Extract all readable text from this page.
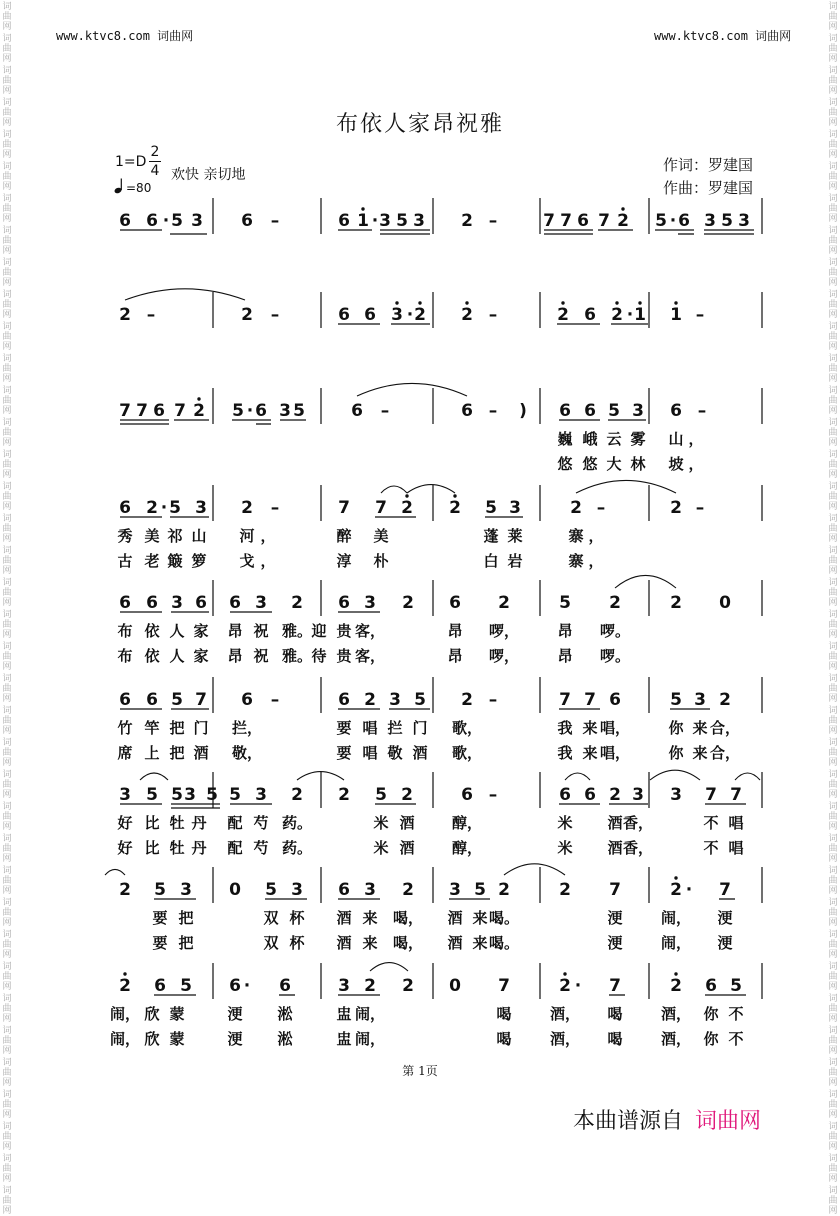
词
曲
网
词
曲
网
词
曲
网
词
曲
网
词
曲
网
词
曲
网
词
曲
网
词
曲
网
词
曲
网
词
曲
网
词
曲
网
词
曲
网
词
曲
网
词
曲
网
词
曲
网
词
曲
网
词
曲
网
词
曲
网
词
曲
网
词
曲
网
词
曲
网
词
曲
网
词
曲
网
词
曲
网
词
曲
网
词
曲
网
词
曲
网
词
曲
网
词
曲
网
词
曲
网
词
曲
网
词
曲
网
词
曲
网
词
曲
网
词
曲
网
词
曲
网
词
曲
网
词
曲
网
词
曲
网
词
曲
网
词
曲
网
词
曲
网
词
曲
网
词
曲
网
词
曲
网
词
曲
网
词
曲
网
词
曲
网
词
曲
网
词
曲
网
词
曲
网
词
曲
网
词
曲
网
词
曲
网
词
曲
网
词
曲
网
词
曲
网
词
曲
网
词
曲
网
词
曲
网
词
曲
网
词
曲
网
词
曲
网
词
曲
网
词
曲
网
词
曲
网
词
曲
网
词
曲
网
词
曲
网
词
曲
网
词
曲
网
词
曲
网
词
曲
网
词
曲
网
词
曲
网
词
曲
网
www.ktvc8.com 词曲网	www.ktvc8.com 词曲网
布依人家昂祝雅
1=D
2
4 欢快 亲切地
=80
作词：罗建国
作曲：罗建国
6 6 · 5 3 6 –	6 1 · 3 5 3 2 –	7 7 6 7 2 5 · 6 3 5 3
2 –	2 –	6 6 3 · 2 2 –	2 6 2 · 1 1 –
7 7 6 7 2 5 · 6 3 5	6 –	6 – ) 6 6 5 3 6 –
6 2 · 5 3 2 –	7 7 2 2 5 3	2 –	2 –
6 6 3 6 6 3 2 6 3 2 6 2	5 2	2 0
6 6 5 7 6 –	6 2 3 5 2 –	7 7 6	5 3 2
3 5 5 3 5 5 3 2 2 5 2	6 –	6 6 2 3 3 7 7
2 5 3 0 5 3 6 3 2 3 5 2	2 7	2 · 7
2 6 5 6 · 6	3 2 2 0 7	2 · 7	2 6 5
巍 峨 云 雾 山 ，
悠 悠 大 林 坡 ，
秀 美 祁 山 河 ，	醉 美	蓬 莱	寨 ，
古 老 簸 箩 戈 ，	淳 朴	白 岩	寨 ，
布 依 人 家 昂 祝 雅。 迎 贵 客，	昂 啰，	昂 啰。
布 依 人 家 昂 祝 雅。 待 贵 客，	昂 啰，	昂 啰。
竹 竿 把 门 拦，	要 唱 拦 门 歌，	我 来 唱，	你 来 合，
席 上 把 酒 敬，	要 唱 敬 酒 歌，	我 来 唱，	你 来 合，
好 比 牡 丹 配 芍 药。	米 酒 醇，	米 酒 香，	不 唱
好 比 牡 丹 配 芍 药。	米 酒 醇，	米 酒 香，	不 唱
要 把	双 杯 酒 来 喝， 酒 来 喝。	浭	闹， 浭
要 把	双 杯 酒 来 喝， 酒 来 喝。	浭	闹， 浭
闹， 欣 蒙	浭 淞	盅 闹，	喝	酒， 喝	酒， 你 不
闹， 欣 蒙	浭 淞	盅 闹，	喝	酒， 喝	酒， 你 不
第 1页
本曲谱源自 词曲网
